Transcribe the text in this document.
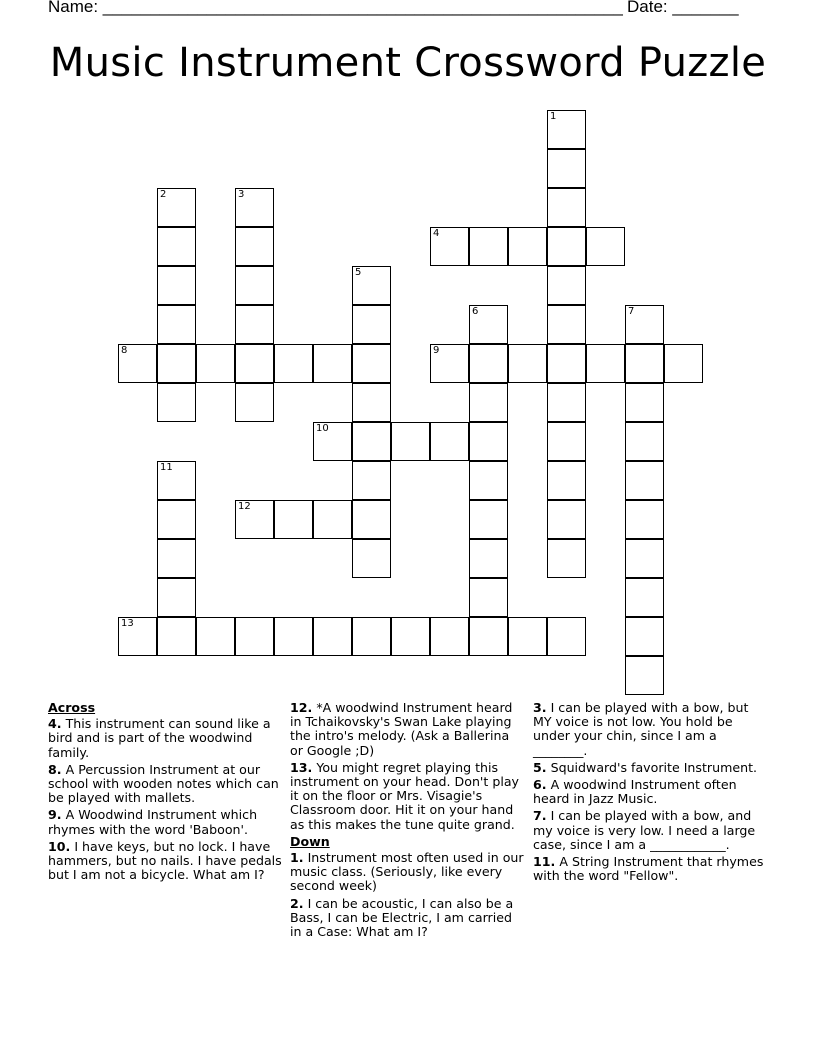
Name: _______________________________________________________ Date: _______
Music Instrument Crossword Puzzle
1
2	3
4
5
6	7
8	9
10
11
12
13
Across

4. This instrument can sound like a bird and is part of the woodwind family.

8. A Percussion Instrument at our school with wooden notes which can be played with mallets.

9. A Woodwind Instrument which rhymes with the word 'Baboon'.

10. I have keys, but no lock. I have hammers, but no nails. I have pedals but I am not a bicycle. What am I?

12. *A woodwind Instrument heard in Tchaikovsky's Swan Lake playing the intro's melody. (Ask a Ballerina or Google ;D)

13. You might regret playing this instrument on your head. Don't play it on the floor or Mrs. Visagie's Classroom door. Hit it on your hand as this makes the tune quite grand.

Down

1. Instrument most often used in our music class. (Seriously, like every second week)

2. I can be acoustic, I can also be a Bass, I can be Electric, I am carried in a Case: What am I?

3. I can be played with a bow, but MY voice is not low. You hold be under your chin, since I am a ________.

5. Squidward's favorite Instrument.

6. A woodwind Instrument often heard in Jazz Music.

7. I can be played with a bow, and my voice is very low. I need a large case, since I am a ____________.

11. A String Instrument that rhymes with the word "Fellow".
